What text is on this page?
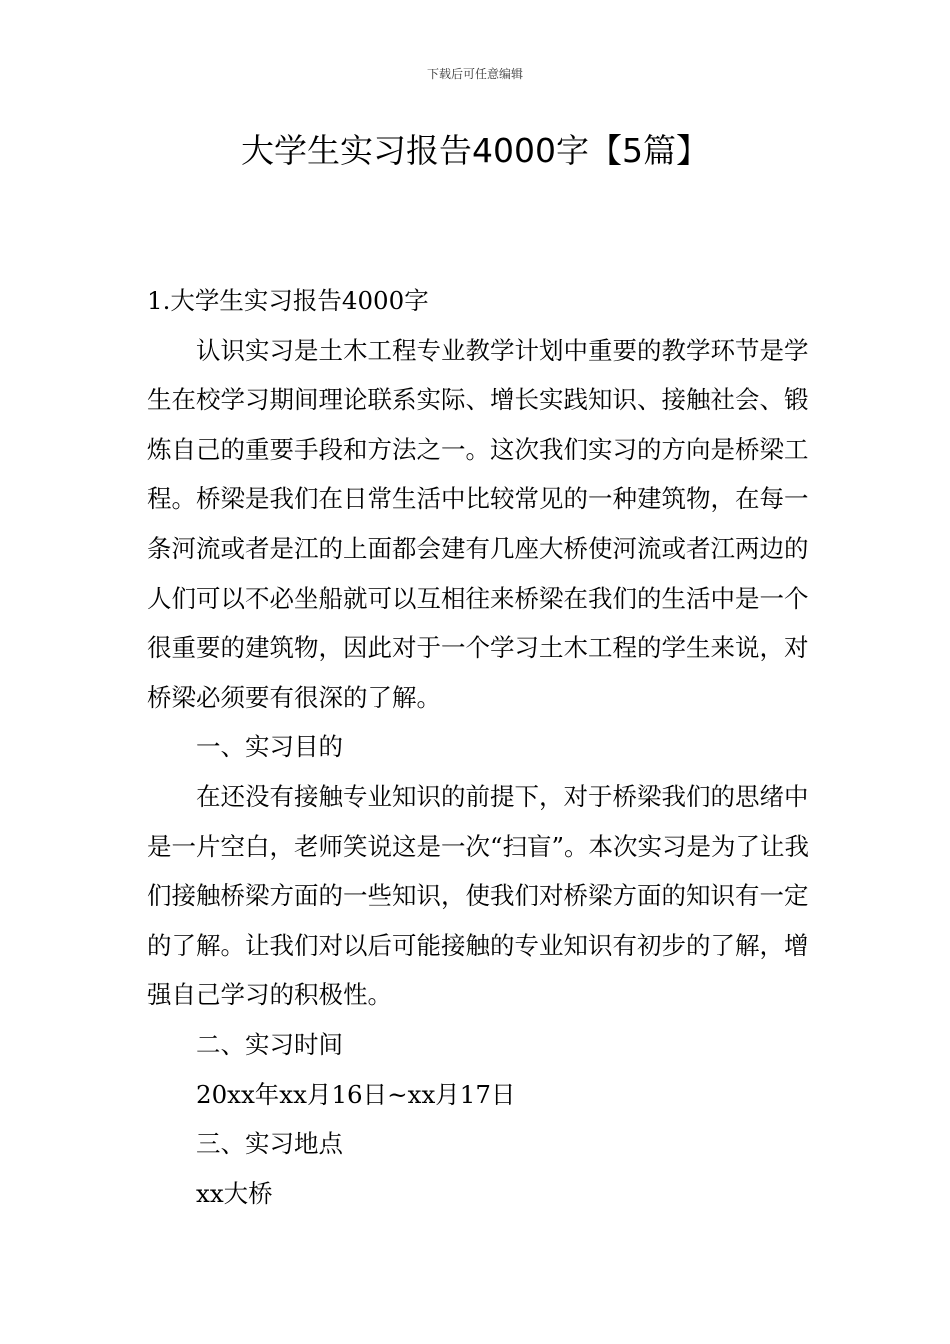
下载后可任意编辑
大学生实习报告4000字【5篇】

1.大学生实习报告4000字

认识实习是土木工程专业教学计划中重要的教学环节是学生在校学习期间理论联系实际、增长实践知识、接触社会、锻炼自己的重要手段和方法之一。这次我们实习的方向是桥梁工程。桥梁是我们在日常生活中比较常见的一种建筑物，在每一条河流或者是江的上面都会建有几座大桥使河流或者江两边的人们可以不必坐船就可以互相往来桥梁在我们的生活中是一个很重要的建筑物，因此对于一个学习土木工程的学生来说，对桥梁必须要有很深的了解。

一、实习目的

在还没有接触专业知识的前提下，对于桥梁我们的思绪中是一片空白，老师笑说这是一次“扫盲”。本次实习是为了让我们接触桥梁方面的一些知识，使我们对桥梁方面的知识有一定的了解。让我们对以后可能接触的专业知识有初步的了解，增强自己学习的积极性。

二、实习时间

20xx年xx月16日~xx月17日

三、实习地点

xx大桥
